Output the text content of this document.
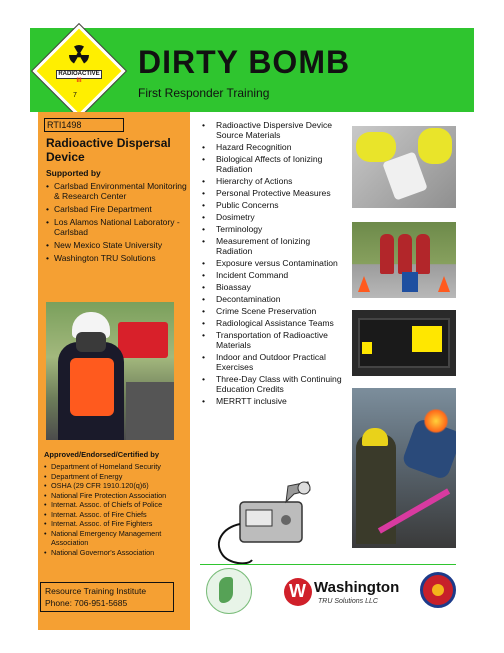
RADIOACTIVE III
7
DIRTY BOMB
First Responder Training
RTI1498
Radioactive Dispersal Device
Supported by
• Carlsbad Environmental Monitoring & Research Center
• Carlsbad Fire Department
• Los Alamos National Laboratory - Carlsbad
• New Mexico State University
• Washington TRU Solutions
Approved/Endorsed/Certified by
• Department of Homeland Security
• Department of Energy
• OSHA (29 CFR 1910.120(q)6)
• National Fire Protection Association
• Internat. Assoc. of Chiefs of Police
• Internat. Assoc. of Fire Chiefs
• Internat. Assoc. of Fire Fighters
• National Emergency Management Association
• National Governor's Association
Resource Training Institute
Phone: 706-951-5685
• Radioactive Dispersive Device Source Materials
• Hazard Recognition
• Biological Affects of Ionizing Radiation
• Hierarchy of Actions
• Personal Protective Measures
• Public Concerns
• Dosimetry
• Terminology
• Measurement of Ionizing Radiation
• Exposure versus Contamination
• Incident Command
• Bioassay
• Decontamination
• Crime Scene Preservation
• Radiological Assistance Teams
• Transportation of Radioactive Materials
• Indoor and Outdoor Practical Exercises
• Three-Day Class with Continuing Education Credits
• MERRTT inclusive
W
Washington
TRU Solutions LLC
